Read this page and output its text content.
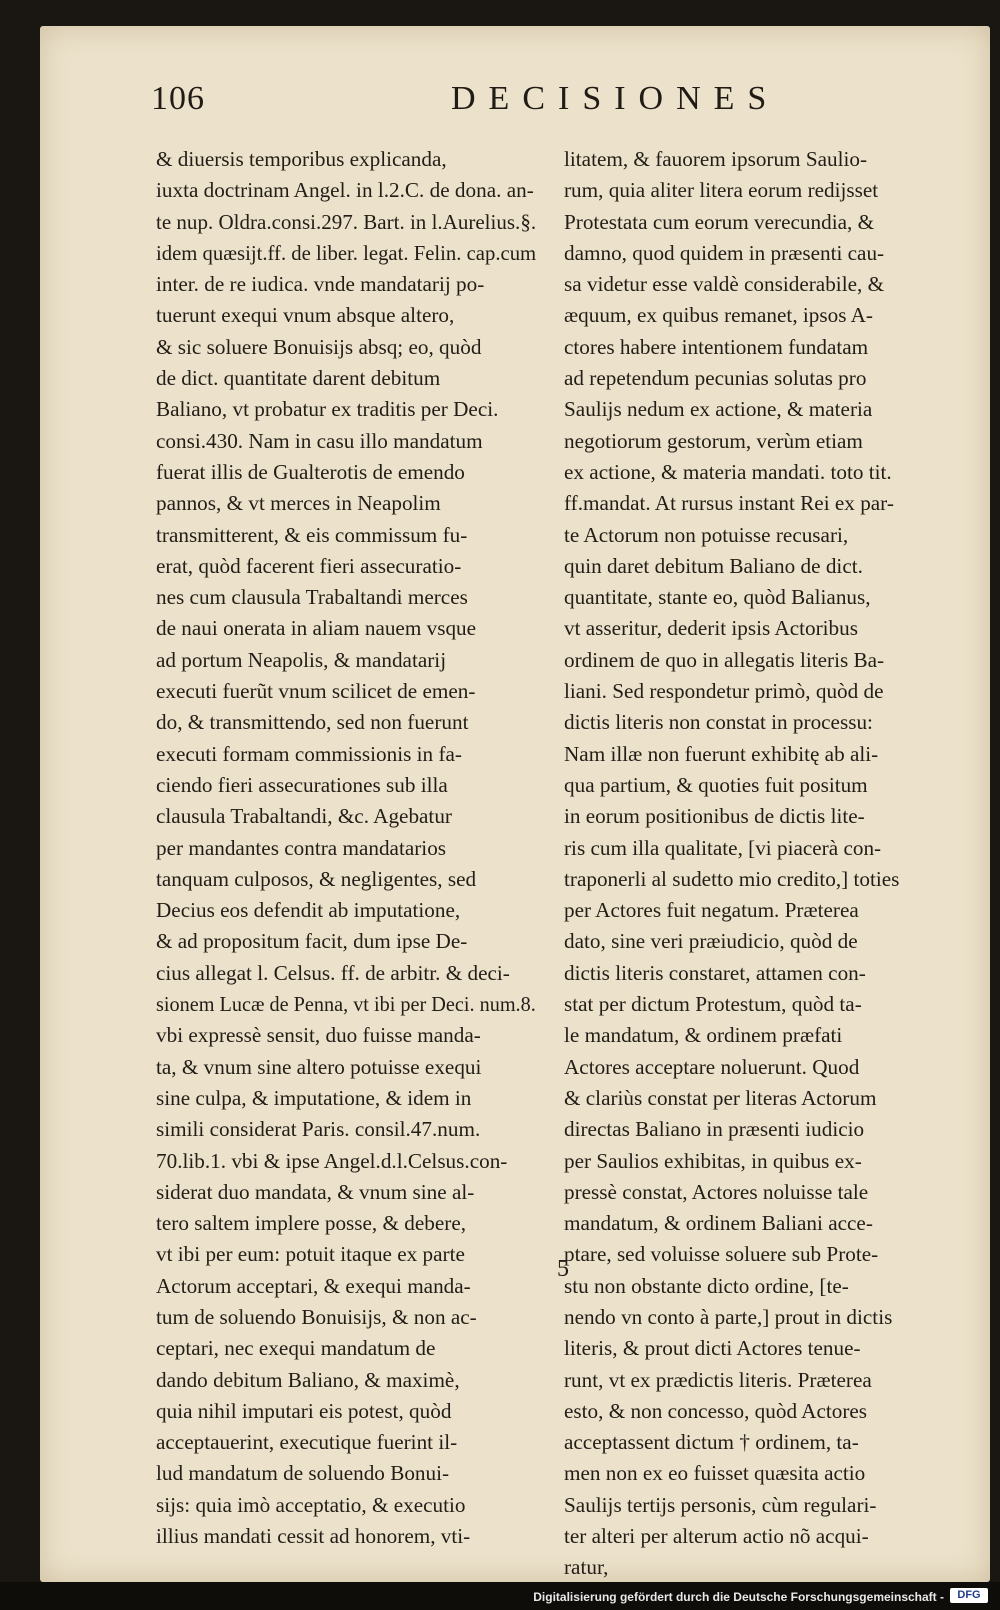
106	DECISIONES
& diuersis temporibus explicanda,
iuxta doctrinam Angel. in l.2.C. de dona. an-
te nup. Oldra.consi.297. Bart. in l.Aurelius.§.
idem quæsijt.ff. de liber. legat. Felin. cap.cum
inter. de re iudica. vnde mandatarij po-
tuerunt exequi vnum absque altero,
& sic soluere Bonuisijs absq; eo, quòd
de dict. quantitate darent debitum
Baliano, vt probatur ex traditis per Deci.
consi.430. Nam in casu illo mandatum
fuerat illis de Gualterotis de emendo
pannos, & vt merces in Neapolim
transmitterent, & eis commissum fu-
erat, quòd facerent fieri assecuratio-
nes cum clausula Trabaltandi merces
de naui onerata in aliam nauem vsque
ad portum Neapolis, & mandatarij
executi fuerũt vnum scilicet de emen-
do, & transmittendo, sed non fuerunt
executi formam commissionis in fa-
ciendo fieri assecurationes sub illa
clausula Trabaltandi, &c. Agebatur
per mandantes contra mandatarios
tanquam culposos, & negligentes, sed
Decius eos defendit ab imputatione,
& ad propositum facit, dum ipse De-
cius allegat l. Celsus. ff. de arbitr. & deci-
sionem Lucæ de Penna, vt ibi per Deci. num.8.
vbi expressè sensit, duo fuisse manda-
ta, & vnum sine altero potuisse exequi
sine culpa, & imputatione, & idem in
simili considerat Paris. consil.47.num.
70.lib.1. vbi & ipse Angel.d.l.Celsus.con-
siderat duo mandata, & vnum sine al-
tero saltem implere posse, & debere,
vt ibi per eum: potuit itaque ex parte
Actorum acceptari, & exequi manda-
tum de soluendo Bonuisijs, & non ac-
ceptari, nec exequi mandatum de
dando debitum Baliano, & maximè,
quia nihil imputari eis potest, quòd
acceptauerint, executique fuerint il-
lud mandatum de soluendo Bonui-
sijs: quia imò acceptatio, & executio
illius mandati cessit ad honorem, vti-
litatem, & fauorem ipsorum Saulio-
rum, quia aliter litera eorum redijsset
Protestata cum eorum verecundia, &
damno, quod quidem in præsenti cau-
sa videtur esse valdè considerabile, &
æquum, ex quibus remanet, ipsos A-
ctores habere intentionem fundatam
ad repetendum pecunias solutas pro
Saulijs nedum ex actione, & materia
negotiorum gestorum, verùm etiam
ex actione, & materia mandati. toto tit.
ff.mandat. At rursus instant Rei ex par-
te Actorum non potuisse recusari,
quin daret debitum Baliano de dict.
quantitate, stante eo, quòd Balianus,
vt asseritur, dederit ipsis Actoribus
ordinem de quo in allegatis literis Ba-
liani. Sed respondetur primò, quòd de
dictis literis non constat in processu:
Nam illæ non fuerunt exhibitę ab ali-
qua partium, & quoties fuit positum
in eorum positionibus de dictis lite-
ris cum illa qualitate, [vi piacerà con-
traponerli al sudetto mio credito,] toties
per Actores fuit negatum. Præterea
dato, sine veri præiudicio, quòd de
dictis literis constaret, attamen con-
stat per dictum Protestum, quòd ta-
le mandatum, & ordinem præfati
Actores acceptare noluerunt. Quod
& clariùs constat per literas Actorum
directas Baliano in præsenti iudicio
per Saulios exhibitas, in quibus ex-
pressè constat, Actores noluisse tale
mandatum, & ordinem Baliani acce-
ptare, sed voluisse soluere sub Prote-
stu non obstante dicto ordine, [te-
nendo vn conto à parte,] prout in dictis
literis, & prout dicti Actores tenue-
runt, vt ex prædictis literis. Præterea
esto, & non concesso, quòd Actores
acceptassent dictum † ordinem, ta-
men non ex eo fuisset quæsita actio
Saulijs tertijs personis, cùm regulari-
ter alteri per alterum actio nõ acqui-
ratur,
5
Digitalisierung gefördert durch die Deutsche Forschungsgemeinschaft -	DFG
